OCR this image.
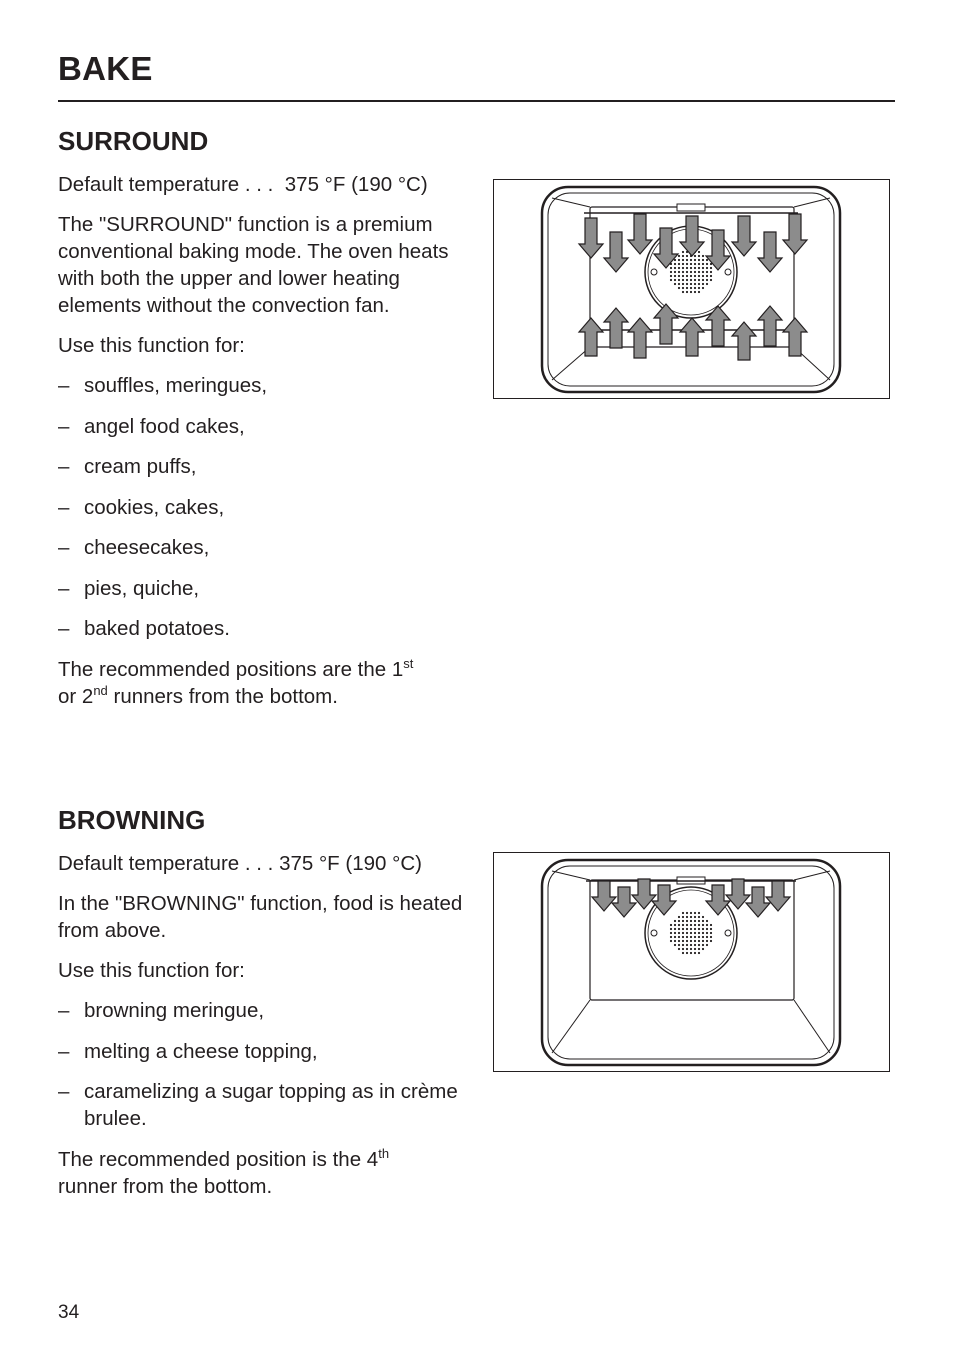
BAKE
SURROUND

Default temperature . . . 375 °F (190 °C)

The "SURROUND" function is a premium conventional baking mode. The oven heats with both the upper and lower heating elements without the convection fan.

Use this function for:

– souffles, meringues,
– angel food cakes,
– cream puffs,
– cookies, cakes,
– cheesecakes,
– pies, quiche,
– baked potatoes.

The recommended positions are the 1st
or 2nd runners from the bottom.

BROWNING

Default temperature . . . 375 °F (190 °C)

In the "BROWNING" function, food is heated from above.

Use this function for:

– browning meringue,
– melting a cheese topping,
– caramelizing a sugar topping as in crème brulee.

The recommended position is the 4th
runner from the bottom.

34
